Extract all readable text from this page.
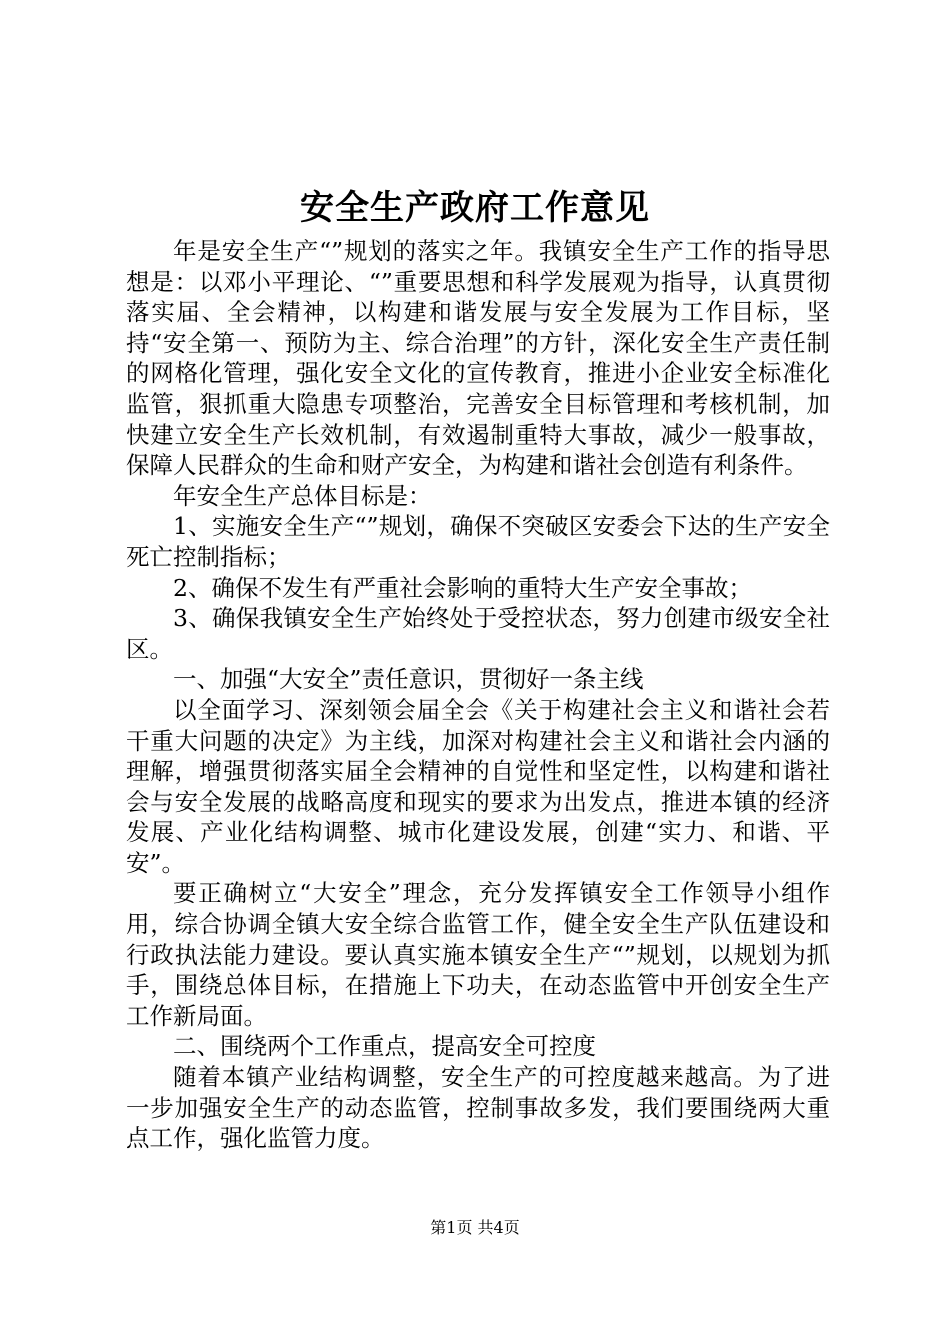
安全生产政府工作意见

年是安全生产“”规划的落实之年。我镇安全生产工作的指导思想是：以邓小平理论、“”重要思想和科学发展观为指导，认真贯彻落实届、全会精神，以构建和谐发展与安全发展为工作目标，坚持“安全第一、预防为主、综合治理”的方针，深化安全生产责任制的网格化管理，强化安全文化的宣传教育，推进小企业安全标准化监管，狠抓重大隐患专项整治，完善安全目标管理和考核机制，加快建立安全生产长效机制，有效遏制重特大事故，减少一般事故，保障人民群众的生命和财产安全，为构建和谐社会创造有利条件。

年安全生产总体目标是：

1、实施安全生产“”规划，确保不突破区安委会下达的生产安全死亡控制指标；

2、确保不发生有严重社会影响的重特大生产安全事故；

3、确保我镇安全生产始终处于受控状态，努力创建市级安全社区。

一、加强“大安全”责任意识，贯彻好一条主线

以全面学习、深刻领会届全会《关于构建社会主义和谐社会若干重大问题的决定》为主线，加深对构建社会主义和谐社会内涵的理解，增强贯彻落实届全会精神的自觉性和坚定性，以构建和谐社会与安全发展的战略高度和现实的要求为出发点，推进本镇的经济发展、产业化结构调整、城市化建设发展，创建“实力、和谐、平安”。

要正确树立“大安全”理念，充分发挥镇安全工作领导小组作用，综合协调全镇大安全综合监管工作，健全安全生产队伍建设和行政执法能力建设。要认真实施本镇安全生产“”规划，以规划为抓手，围绕总体目标，在措施上下功夫，在动态监管中开创安全生产工作新局面。

二、围绕两个工作重点，提高安全可控度

随着本镇产业结构调整，安全生产的可控度越来越高。为了进一步加强安全生产的动态监管，控制事故多发，我们要围绕两大重点工作，强化监管力度。

第1页 共4页
